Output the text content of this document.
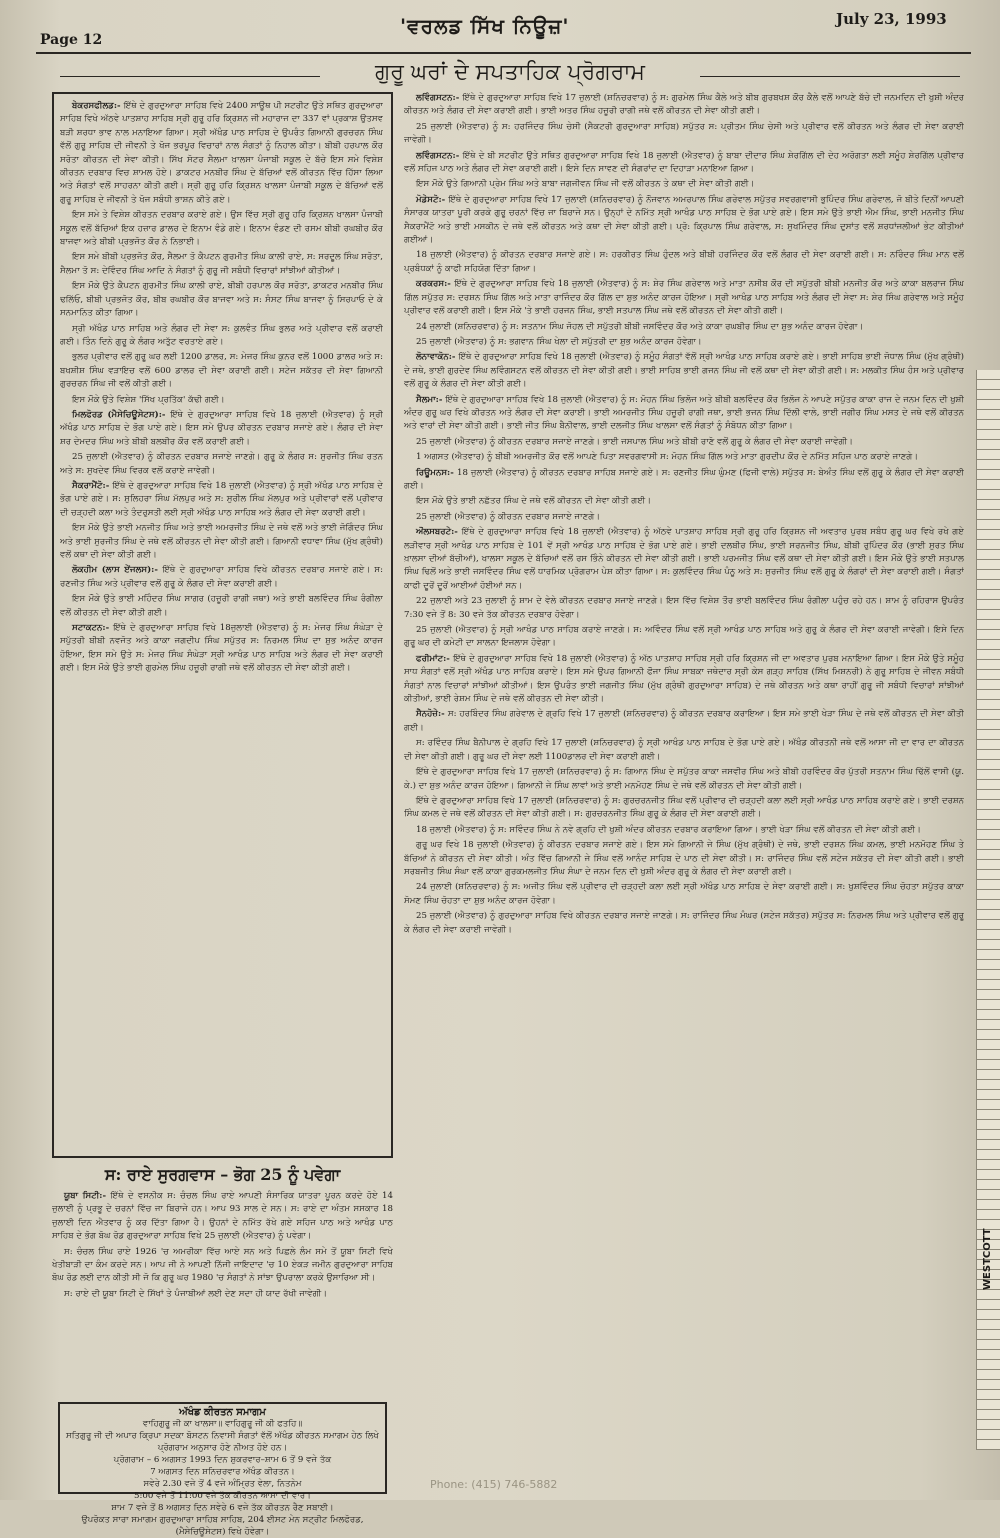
Page 12
'ਵਰਲਡ ਸਿੱਖ ਨਿਊਜ਼'	July 23, 1993
ਗੁਰੂ ਘਰਾਂ ਦੇ ਸਪਤਾਹਿਕ ਪ੍ਰੋਗਰਾਮ

ਬੇਕਰਸਫੀਲਡ:- ਇੱਥੇ ਦੇ ਗੁਰਦੁਆਰਾ ਸਾਹਿਬ ਵਿਖੇ 2400 ਸਾਊਥ ਪੀ ਸਟਰੀਟ ਉਤੇ ਸਥਿਤ ਗੁਰਦੁਆਰਾ ਸਾਹਿਬ ਵਿਖੇ ਅੱਠਵੇ ਪਾਤਸ਼ਾਹ ਸਾਹਿਬ ਸ੍ਰੀ ਗੁਰੂ ਹਰਿ ਕ੍ਰਿਸ਼ਨ ਜੀ ਮਹਾਰਾਜ ਦਾ 337 ਵਾਂ ਪ੍ਰਕਾਸ਼ ਉਤਸਵ ਬੜੀ ਸ਼ਰਧਾ ਭਾਵ ਨਾਲ ਮਨਾਇਆ ਗਿਆ। ਸ੍ਰੀ ਅੱਖੰਡ ਪਾਠ ਸਾਹਿਬ ਦੇ ਉਪਰੰਤ ਗਿਆਨੀ ਗੁਰਚਰਨ ਸਿੰਘ ਵੱਲੋਂ ਗੁਰੂ ਸਾਹਿਬ ਦੀ ਜੀਵਨੀ ਤੇ ਖੋਜ ਭਰਪੂਰ ਵਿਚਾਰਾਂ ਨਾਲ ਸੰਗਤਾਂ ਨੂੰ ਨਿਹਾਲ ਕੀਤਾ। ਬੀਬੀ ਹਰਪਾਲ ਕੌਰ ਸਰੋਤਾ ਕੀਰਤਨ ਦੀ ਸੇਵਾ ਕੀਤੀ। ਸਿੱਖ ਸੋਟਰ ਸੈਲਮਾ ਖ਼ਾਲਸਾ ਪੰਜਾਬੀ ਸਕੂਲ ਦੇ ਬੱਚੇ ਇਸ ਸਮੇ ਵਿਸ਼ੇਸ਼ ਕੀਰਤਨ ਦਰਬਾਰ ਵਿਚ ਸ਼ਾਮਲ ਹੋਏ। ਡਾਕਟਰ ਮਨਬੀਰ ਸਿੰਘ ਦੇ ਬੱਚਿਆਂ ਵਲੋਂ ਕੀਰਤਨ ਵਿੱਚ ਹਿੱਸਾ ਲਿਆ ਅਤੇ ਸੰਗਤਾਂ ਵਲੋਂ ਸਾਹਰਨਾ ਕੀਤੀ ਗਈ। ਸ੍ਰੀ ਗੁਰੂ ਹਰਿ ਕ੍ਰਿਸ਼ਨ ਖਾਲਸਾ ਪੰਜਾਬੀ ਸਕੂਲ ਦੇ ਬੱਚਿਆਂ ਵਲੋਂ ਗੁਰੂ ਸਾਹਿਬ ਦੇ ਜੀਵਨੀ ਤੇ ਖੋਜ ਸਬੰਧੀ ਭਾਸ਼ਨ ਕੀਤੇ ਗਏ।

ਇਸ ਸਮੇ ਤੇ ਵਿਸ਼ੇਸ਼ ਕੀਰਤਨ ਦਰਬਾਰ ਕਰਾਏ ਗਏ। ਉਸ ਵਿੱਚ ਸ੍ਰੀ ਗੁਰੂ ਹਰਿ ਕ੍ਰਿਸ਼ਨ ਖਾਲਸਾ ਪੰਜਾਬੀ ਸਕੂਲ ਵਲੋਂ ਬੱਚਿਆਂ ਇਕ ਹਜ਼ਾਰ ਡਾਲਰ ਦੇ ਇਨਾਮ ਵੰਡੇ ਗਏ। ਇਨਾਮ ਵੰਡਣ ਦੀ ਰਸਮ ਬੀਬੀ ਰਘਬੀਰ ਕੌਰ ਬਾਜਵਾ ਅਤੇ ਬੀਬੀ ਪ੍ਰਭਜੋਤ ਕੌਰ ਨੇ ਨਿਭਾਈ।

ਇਸ ਸਮੇ ਬੀਬੀ ਪ੍ਰਭਜੋਤ ਕੌਰ, ਸੈਲਮਾ ਤੋ ਕੈਪਟਨ ਗੁਰਮੀਤ ਸਿੰਘ ਕਾਲੀ ਰਾਏ, ਸ: ਸਰਦੂਲ ਸਿੰਘ ਸਰੋਤਾ, ਸੈਲਮਾ ਤੋ ਸ: ਦੇਵਿੰਦਰ ਸਿੰਘ ਆਦਿ ਨੇ ਸੰਗਤਾਂ ਨੂੰ ਗੁਰੂ ਜੀ ਸਬੰਧੀ ਵਿਚਾਰਾਂ ਸਾਂਝੀਆਂ ਕੀਤੀਆਂ।

ਇਸ ਮੌਕੇ ਉਤੇ ਕੈਪਟਨ ਗੁਰਮੀਤ ਸਿੰਘ ਕਾਲੀ ਰਾਏ, ਬੀਬੀ ਹਰਪਾਲ ਕੌਰ ਸਰੋਤਾ, ਡਾਕਟਰ ਮਨਬੀਰ ਸਿੰਘ ਢਲਿੱਓ, ਬੀਬੀ ਪ੍ਰਭਜੋਤ ਕੌਰ, ਬੀਬ ਰਘਬੀਰ ਕੌਰ ਬਾਜਵਾ ਅਤੇ ਸ: ਸੰਸਟ ਸਿੰਘ ਬਾਜਵਾ ਨੂੰ ਸਿਰਪਾਓ ਦੇ ਕੇ ਸਨਮਾਨਿਤ ਕੀਤਾ ਗਿਆ।

ਸ੍ਰੀ ਅੱਖੰਡ ਪਾਠ ਸਾਹਿਬ ਅਤੇ ਲੰਗਰ ਦੀ ਸੇਵਾ ਸ: ਕੁਲਵੰਤ ਸਿੰਘ ਭੁਲਰ ਅਤੇ ਪ੍ਰੀਵਾਰ ਵਲੋਂ ਕਰਾਈ ਗਈ। ਤਿੰਨ ਦਿਨੇ ਗੁਰੂ ਕੇ ਲੰਗਰ ਅਤੁੱਟ ਵਰਤਾਏ ਗਏ।

ਭੁਲਰ ਪ੍ਰੀਵਾਰ ਵਲੋਂ ਗੁਰੂ ਘਰ ਲਈ 1200 ਡਾਲਰ, ਸ: ਮੇਜਰ ਸਿੰਘ ਕੁਨਰ ਵਲੋਂ 1000 ਡਾਲਰ ਅਤੇ ਸ: ਬਖਸ਼ੀਸ਼ ਸਿੰਘ ਵੜਾਇਚ ਵਲੋਂ 600 ਡਾਲਰ ਦੀ ਸੇਵਾ ਕਰਾਈ ਗਈ। ਸਟੇਜ ਸਕੱਤਰ ਦੀ ਸੇਵਾ ਗਿਆਨੀ ਗੁਰਚਰਨ ਸਿੰਘ ਜੀ ਵਲੋਂ ਕੀਤੀ ਗਈ।

ਇਸ ਮੌਕੇ ਉਤੇ ਵਿਸ਼ੇਸ਼ 'ਸਿੱਖ ਪ੍ਰਤਿੱਕ' ਕੱਢੀ ਗਈ।

ਮਿਲਫੋਰਡ (ਮੈਸੇਚਿਊਸੇਟਸ):- ਇੱਥੇ ਦੇ ਗੁਰਦੁਆਰਾ ਸਾਹਿਬ ਵਿਖੇ 18 ਜੁਲਾਈ (ਐਤਵਾਰ) ਨੂੰ ਸ੍ਰੀ ਅੱਖੰਡ ਪਾਠ ਸਾਹਿਬ ਦੇ ਭੋਗ ਪਾਏ ਗਏ। ਇਸ ਸਮੇ ਉਪਰ ਕੀਰਤਨ ਦਰਬਾਰ ਸਜਾਏ ਗਏ। ਲੰਗਰ ਦੀ ਸੇਵਾ ਸ਼ਰ ਦੇਮਦਰ ਸਿੰਘ ਅਤੇ ਬੀਬੀ ਬਲਬੀਰ ਕੌਰ ਵਲੋਂ ਕਰਾਈ ਗਈ।

25 ਜੁਲਾਈ (ਐਤਵਾਰ) ਨੂੰ ਕੀਰਤਨ ਦਰਬਾਰ ਸਜਾਏ ਜਾਣਗੇ। ਗੁਰੂ ਕੇ ਲੰਗਰ ਸ: ਸੁਰਜੀਤ ਸਿੰਘ ਰਤਨ ਅਤੇ ਸ: ਸੁਖਦੇਵ ਸਿੰਘ ਵਿਰਕ ਵਲੋਂ ਕਰਾਏ ਜਾਵੇਗੀ।

ਸੈਕਰਾਮੈਂਟੋ:- ਇੱਥੇ ਦੇ ਗੁਰਦੁਆਰਾ ਸਾਹਿਬ ਵਿਖੇ 18 ਜੁਲਾਈ (ਐਤਵਾਰ) ਨੂੰ ਸ੍ਰੀ ਅੱਖੰਡ ਪਾਠ ਸਾਹਿਬ ਦੇ ਭੋਗ ਪਾਏ ਗਏ। ਸ: ਸੁਲਿਹਰਾ ਸਿੰਘ ਮੱਲਪੁਰ ਅਤੇ ਸ: ਸੁਰੀਲ ਸਿੰਘ ਮੱਲਪੁਰ ਅਤੇ ਪ੍ਰੀਵਾਰਾਂ ਵਲੋਂ ਪ੍ਰੀਵਾਰ ਦੀ ਚੜ੍ਹਦੀ ਕਲਾ ਅਤੇ ਤੰਦਰੁਸਤੀ ਲਈ ਸ੍ਰੀ ਅੱਖੰਡ ਪਾਠ ਸਾਹਿਬ ਅਤੇ ਲੰਗਰ ਦੀ ਸੇਵਾ ਕਰਾਈ ਗਈ।

ਇਸ ਮੌਕੇ ਉਤੇ ਭਾਈ ਮਨਜੀਤ ਸਿੰਘ ਅਤੇ ਭਾਈ ਅਮਰਜੀਤ ਸਿੰਘ ਦੇ ਜਥੇ ਵਲੋਂ ਅਤੇ ਭਾਈ ਜੋਗਿੰਦਰ ਸਿੰਘ ਅਤੇ ਭਾਈ ਸੁਰਜੀਤ ਸਿੰਘ ਦੇ ਜਥੇ ਵਲੋਂ ਕੀਰਤਨ ਦੀ ਸੇਵਾ ਕੀਤੀ ਗਈ। ਗਿਆਨੀ ਵਧਾਵਾ ਸਿੰਘ (ਮੁੱਖ ਗ੍ਰੰਥੀ) ਵਲੋਂ ਕਥਾ ਦੀ ਸੇਵਾ ਕੀਤੀ ਗਈ।

ਲੋਕਹੀਮ (ਲਾਸ ਏਂਜਲਸ):- ਇੱਥੇ ਦੇ ਗੁਰਦੁਆਰਾ ਸਾਹਿਬ ਵਿਖੇ ਕੀਰਤਨ ਦਰਬਾਰ ਸਜਾਏ ਗਏ। ਸ: ਰਣਜੀਤ ਸਿੰਘ ਅਤੇ ਪ੍ਰੀਵਾਰ ਵਲੋਂ ਗੁਰੂ ਕੇ ਲੰਗਰ ਦੀ ਸੇਵਾ ਕਰਾਈ ਗਈ।

ਇਸ ਮੌਕੇ ਉਤੇ ਭਾਈ ਮਹਿੰਦਰ ਸਿੰਘ ਸਾਗਰ (ਹਜ਼ੂਰੀ ਰਾਗੀ ਜਥਾ) ਅਤੇ ਭਾਈ ਬਲਵਿੰਦਰ ਸਿੰਘ ਰੰਗੀਲਾ ਵਲੋਂ ਕੀਰਤਨ ਦੀ ਸੇਵਾ ਕੀਤੀ ਗਈ।

ਸਟਾਕਟਨ:- ਇੱਥੇ ਦੇ ਗੁਰਦੁਆਰਾ ਸਾਹਿਬ ਵਿਖੇ 18ਜੁਲਾਈ (ਐਤਵਾਰ) ਨੂੰ ਸ: ਮੇਜਰ ਸਿੰਘ ਸੰਘੇੜਾ ਦੇ ਸਪੁੱਤਰੀ ਬੀਬੀ ਨਵਜੋਤ ਅਤੇ ਕਾਕਾ ਜਗਦੀਪ ਸਿੰਘ ਸਪੁੱਤਰ ਸ: ਨਿਰਮਲ ਸਿੰਘ ਦਾ ਸ਼ੁਭ ਅਨੰਦ ਕਾਰਜ ਹੋਇਆ, ਇਸ ਸਮੇ ਉਤੇ ਸ: ਮੇਜਰ ਸਿੰਘ ਸੰਘੇੜਾ ਸ੍ਰੀ ਆਖੰਡ ਪਾਠ ਸਾਹਿਬ ਅਤੇ ਲੰਗਰ ਦੀ ਸੇਵਾ ਕਰਾਈ ਗਈ। ਇਸ ਮੌਕੇ ਉਤੇ ਭਾਈ ਗੁਰਮੇਲ ਸਿੰਘ ਹਜ਼ੂਰੀ ਰਾਗੀ ਜਥੇ ਵਲੋਂ ਕੀਰਤਨ ਦੀ ਸੇਵਾ ਕੀਤੀ ਗਈ।

ਸ: ਰਾਏ ਸੁਰਗਵਾਸ – ਭੋਗ 25 ਨੂੰ ਪਵੇਗਾ

ਯੂਬਾ ਸਿਟੀ:- ਇੱਥੇ ਦੇ ਵਸਨੀਕ ਸ: ਚੰਚਲ ਸਿੰਘ ਰਾਏ ਆਪਣੀ ਸੰਸਾਰਿਕ ਯਾਤਰਾ ਪੂਰਨ ਕਰਦੇ ਹੋਏ 14 ਜੁਲਾਈ ਨੂੰ ਪ੍ਰਭੂ ਦੇ ਚਰਨਾਂ ਵਿੱਚ ਜਾ ਬਿਰਾਜੇ ਹਨ। ਆਪ 93 ਸਾਲ ਦੇ ਸਨ। ਸ: ਰਾਏ ਦਾ ਅੰਤਮ ਸਸਕਾਰ 18 ਜੁਲਾਈ ਦਿਨ ਐਤਵਾਰ ਨੂੰ ਕਰ ਦਿੱਤਾ ਗਿਆ ਹੈ। ਉਹਨਾਂ ਦੇ ਨਮਿੱਤ ਰੱਖੇ ਗਏ ਸਹਿਜ ਪਾਠ ਅਤੇ ਆਖੰਡ ਪਾਠ ਸਾਹਿਬ ਦੇ ਭੋਗ ਬੋਘ ਰੋਡ ਗੁਰਦੁਆਰਾ ਸਾਹਿਬ ਵਿਖੇ 25 ਜੁਲਾਈ (ਐਤਵਾਰ) ਨੂੰ ਪਵੇਗਾ।

ਸ: ਚੰਚਲ ਸਿੰਘ ਰਾਏ 1926 'ਚ ਅਮਰੀਕਾ ਵਿੱਚ ਆਏ ਸਨ ਅਤੇ ਪਿਛਲੇ ਲੰਮ ਸਮੇ ਤੋਂ ਯੂਬਾ ਸਿਟੀ ਵਿਖੇ ਖੇਤੀਬਾੜੀ ਦਾ ਕੰਮ ਕਰਦੇ ਸਨ। ਆਪ ਜੀ ਨੇ ਆਪਣੀ ਨਿੱਜੀ ਜਾਇਦਾਦ 'ਚ 10 ਏਕੜ ਜਮੀਨ ਗੁਰਦੁਆਰਾ ਸਾਹਿਬ ਬੋਘ ਰੋਡ ਲਈ ਦਾਨ ਕੀਤੀ ਸੀ ਜੋ ਕਿ ਗੁਰੂ ਘਰ 1980 'ਚ ਸੰਗਤਾਂ ਨੇ ਸਾਂਝਾ ਉਪਰਾਲਾ ਕਰਕੇ ਉਸਾਰਿਆ ਸੀ।

ਸ: ਰਾਏ ਦੀ ਯੂਬਾ ਸਿਟੀ ਦੇ ਸਿੱਖਾਂ ਤੇ ਪੰਜਾਬੀਆਂ ਲਈ ਦੇਣ ਸਦਾ ਹੀ ਯਾਦ ਰੱਖੀ ਜਾਵੇਗੀ।

ਅੱਖੰਡ ਕੀਰਤਨ ਸਮਾਗਮ
ਵਾਹਿਗੁਰੂ ਜੀ ਕਾ ਖਾਲਸਾ॥ ਵਾਹਿਗੁਰੂ ਜੀ ਕੀ ਫਤਹਿ॥
ਸਤਿਗੁਰੂ ਜੀ ਦੀ ਅਪਾਰ ਕ੍ਰਿਪਾ ਸਦਕਾ ਬੋਸਟਨ ਨਿਵਾਸੀ ਸੰਗਤਾਂ ਵੱਲੋਂ ਅੱਖੰਡ ਕੀਰਤਨ ਸਮਾਗਮ ਹੇਠ ਲਿਖੇ ਪ੍ਰੋਗਰਾਮ ਅਨੁਸਾਰ ਹੋਣੇ ਨੀਅਤ ਹੋਏ ਹਨ।
ਪ੍ਰੋਗਰਾਮ – 6 ਅਗਸਤ 1993 ਦਿਨ ਸ਼ੁਕਰਵਾਰ–ਸ਼ਾਮ 6 ਤੋਂ 9 ਵਜੇ ਤੱਕ
7 ਅਗਸਤ ਦਿਨ ਸ਼ਨਿਚਰਵਾਰ ਅੱਖੰਡ ਕੀਰਤਨ।
ਸਵੇਰੇ 2.30 ਵਜੇ ਤੋਂ 4 ਵਜੇ ਅੰਮ੍ਰਿਤ ਵੇਲਾ, ਨਿਤਨੇਮ
5:00 ਵਜੇ ਤੋਂ 11:00 ਵਜੇ ਤੱਕ ਕੀਰਤਨ ਆਸਾ ਦੀ ਵਾਰ।
ਸ਼ਾਮ 7 ਵਜੇ ਤੋਂ 8 ਅਗਸਤ ਦਿਨ ਸਵੇਰੇ 6 ਵਜੇ ਤੱਕ ਕੀਰਤਨ ਰੈਣ ਸਬਾਈ।
ਉਪਰੋਕਤ ਸਾਰਾ ਸਮਾਗਮ ਗੁਰਦੁਆਰਾ ਸਾਹਿਬ ਸਾਹਿਬ, 204 ਈਸਟ ਮੇਨ ਸਟ੍ਰੀਟ ਮਿਲਫੋਰਡ, (ਮੈਸੇਚਿਊਸੇਟਸ) ਵਿਖੇ ਹੋਵੇਗਾ।

ਲਵਿੰਗਸਟਨ:- ਇੱਥੇ ਦੇ ਗੁਰਦੁਆਰਾ ਸਾਹਿਬ ਵਿਖੇ 17 ਜੁਲਾਈ (ਸ਼ਨਿਚਰਵਾਰ) ਨੂੰ ਸ: ਗੁਰਮੇਲ ਸਿੰਘ ਕੈਲੇ ਅਤੇ ਬੀਬ ਗੁਰਬਖਸ਼ ਕੌਰ ਕੈਲੇ ਵਲੋਂ ਆਪਣੇ ਬੱਚੇ ਦੀ ਜਨਮਦਿਨ ਦੀ ਖੁਸ਼ੀ ਅੰਦਰ ਕੀਰਤਨ ਅਤੇ ਲੰਗਰ ਦੀ ਸੇਵਾ ਕਰਾਈ ਗਈ। ਭਾਈ ਅਤਰ ਸਿੰਘ ਹਜ਼ੂਰੀ ਰਾਗੀ ਜਥੇ ਵਲੋਂ ਕੀਰਤਨ ਦੀ ਸੇਵਾ ਕੀਤੀ ਗਈ।

25 ਜੁਲਾਈ (ਐਤਵਾਰ) ਨੂੰ ਸ: ਹਰਜਿੰਦਰ ਸਿੰਘ ਚੇਸੀ (ਸੈਕਟਰੀ ਗੁਰਦੁਆਰਾ ਸਾਹਿਬ) ਸਪੁੱਤਰ ਸ: ਪ੍ਰੀਤਮ ਸਿੰਘ ਚੇਸੀ ਅਤੇ ਪ੍ਰੀਵਾਰ ਵਲੋਂ ਕੀਰਤਨ ਅਤੇ ਲੰਗਰ ਦੀ ਸੇਵਾ ਕਰਾਈ ਜਾਵੇਗੀ।

ਲਵਿੰਗਸਟਨ:- ਇੱਥੇ ਦੇ ਬੀ ਸਟਰੀਟ ਉਤੇ ਸਥਿਤ ਗੁਰਦੁਆਰਾ ਸਾਹਿਬ ਵਿਖੇ 18 ਜੁਲਾਈ (ਐਤਵਾਰ) ਨੂੰ ਬਾਬਾ ਦੀਦਾਰ ਸਿੰਘ ਸ਼ੇਰਗਿੱਲ ਦੀ ਦੇਹ ਅਰੋਗਤਾ ਲਈ ਸਮੂੰਹ ਸ਼ੇਰਗਿੱਲ ਪ੍ਰੀਵਾਰ ਵਲੋਂ ਸਹਿਜ ਪਾਠ ਅਤੇ ਲੰਗਰ ਦੀ ਸੇਵਾ ਕਰਾਈ ਗਈ। ਇਸੇ ਦਿਨ ਸਾਵਣ ਦੀ ਸੰਗਰਾਂਦ ਦਾ ਦਿਹਾੜਾ ਮਨਾਇਆ ਗਿਆ।

ਇਸ ਮੌਕੇ ਉਤੇ ਗਿਆਨੀ ਪ੍ਰੇਮ ਸਿੰਘ ਅਤੇ ਬਾਬਾ ਜਗਜੀਵਨ ਸਿੰਘ ਜੀ ਵਲੋਂ ਕੀਰਤਨ ਤੇ ਕਥਾ ਦੀ ਸੇਵਾ ਕੀਤੀ ਗਈ।

ਮੋਡੇਸਟੋ:- ਇੱਥੇ ਦੇ ਗੁਰਦੁਆਰਾ ਸਾਹਿਬ ਵਿਖੇ 17 ਜੁਲਾਈ (ਸ਼ਨਿਚਰਵਾਰ) ਨੂੰ ਨੌਜਵਾਨ ਅਮਰਪਾਲ ਸਿੰਘ ਗਰੇਵਾਲ ਸਪੁੱਤਰ ਸਵਰਗਵਾਸੀ ਭੁਪਿੰਦਰ ਸਿੰਘ ਗਰੇਵਾਲ, ਜੋ ਬੀਤੇ ਦਿਨੀਂ ਆਪਣੀ ਸੰਸਾਰਕ ਯਾਤਰਾ ਪੂਰੀ ਕਰਕੇ ਗੁਰੂ ਚਰਨਾਂ ਵਿੱਚ ਜਾ ਬਿਰਾਜੇ ਸਨ। ਉਨ੍ਹਾਂ ਦੇ ਨਮਿੱਤ ਸ੍ਰੀ ਆਖੰਡ ਪਾਠ ਸਾਹਿਬ ਦੇ ਭੋਗ ਪਾਏ ਗਏ। ਇਸ ਸਮੇ ਉਤੇ ਭਾਈ ਐਮ ਸਿੰਘ, ਭਾਈ ਮਨਜੀਤ ਸਿੰਘ ਸੈਕਰਾਮੈਂਟੋ ਅਤੇ ਭਾਈ ਮਸਕੀਨ ਦੇ ਜਥੇ ਵਲੋਂ ਕੀਰਤਨ ਅਤੇ ਕਥਾ ਦੀ ਸੇਵਾ ਕੀਤੀ ਗਈ। ਪ੍ਰੋ: ਕ੍ਰਿਪਾਲ ਸਿੰਘ ਗਰੇਵਾਲ, ਸ: ਸੁਖਮਿੰਦਰ ਸਿੰਘ ਦੁਸਾਂਤ ਵਲੋਂ ਸ਼ਰਧਾਂਜਲੀਆਂ ਭੇਟ ਕੀਤੀਆਂ ਗਈਆਂ।

18 ਜੁਲਾਈ (ਐਤਵਾਰ) ਨੂੰ ਕੀਰਤਨ ਦਰਬਾਰ ਸਜਾਏ ਗਏ। ਸ: ਹਰਕੀਰਤ ਸਿੰਘ ਹੁੰਦਲ ਅਤੇ ਬੀਬੀ ਹਰਜਿੰਦਰ ਕੌਰ ਵਲੋਂ ਲੰਗਰ ਦੀ ਸੇਵਾ ਕਰਾਈ ਗਈ। ਸ: ਨਰਿੰਦਰ ਸਿੰਘ ਮਾਨ ਵਲੋਂ ਪ੍ਰਬੰਧਕਾਂ ਨੂੰ ਕਾਫੀ ਸਹਿਯੋਗ ਦਿੱਤਾ ਗਿਆ।

ਕਰਕਰਸ:- ਇੱਥੇ ਦੇ ਗੁਰਦੁਆਰਾ ਸਾਹਿਬ ਵਿਖੇ 18 ਜੁਲਾਈ (ਐਤਵਾਰ) ਨੂੰ ਸ: ਸ਼ੇਰ ਸਿੰਘ ਗਰੇਵਾਲ ਅਤੇ ਮਾਤਾ ਨਸੀਬ ਕੌਰ ਦੀ ਸਪੁੱਤਰੀ ਬੀਬੀ ਮਨਜੀਤ ਕੌਰ ਅਤੇ ਕਾਕਾ ਬਲਰਾਜ ਸਿੰਘ ਗਿੱਲ ਸਪੁੱਤਰ ਸ: ਦਰਸ਼ਨ ਸਿੰਘ ਗਿੱਲ ਅਤੇ ਮਾਤਾ ਰਾਜਿੰਦਰ ਕੌਰ ਗਿੱਲ ਦਾ ਸ਼ੁਭ ਅਨੰਦ ਕਾਰਜ ਹੋਇਆ। ਸ੍ਰੀ ਆਖੰਡ ਪਾਠ ਸਾਹਿਬ ਅਤੇ ਲੰਗਰ ਦੀ ਸੇਵਾ ਸ: ਸ਼ੇਰ ਸਿੰਘ ਗਰੇਵਾਲ ਅਤੇ ਸਮੂੰਹ ਪ੍ਰੀਵਾਰ ਵਲੋਂ ਕਰਾਈ ਗਈ। ਇਸ ਮੌਕੇ 'ਤੇ ਭਾਈ ਹਰਜਨ ਸਿੰਘ, ਭਾਈ ਸਤਪਾਲ ਸਿੰਘ ਜਥੇ ਵਲੋਂ ਕੀਰਤਨ ਦੀ ਸੇਵਾ ਕੀਤੀ ਗਈ।

24 ਜੁਲਾਈ (ਸ਼ਨਿਚਰਵਾਰ) ਨੂੰ ਸ: ਸਤਨਾਮ ਸਿੰਘ ਜੋਹਲ ਦੀ ਸਪੁੱਤਰੀ ਬੀਬੀ ਜਸਵਿੰਦਰ ਕੌਰ ਅਤੇ ਕਾਕਾ ਰਘਬੀਰ ਸਿੰਘ ਦਾ ਸ਼ੁਭ ਅਨੰਦ ਕਾਰਜ ਹੋਵੇਗਾ।

25 ਜੁਲਾਈ (ਐਤਵਾਰ) ਨੂੰ ਸ: ਭਗਵਾਨ ਸਿੰਘ ਖੇਲਾ ਦੀ ਸਪੁੱਤਰੀ ਦਾ ਸ਼ੁਭ ਅਨੰਦ ਕਾਰਜ ਹੋਵੇਗਾ।

ਲੋਨਾਵਾਕੋਨ:- ਇੱਥੇ ਦੇ ਗੁਰਦੁਆਰਾ ਸਾਹਿਬ ਵਿਖੇ 18 ਜੁਲਾਈ (ਐਤਵਾਰ) ਨੂੰ ਸਮੂੰਹ ਸੰਗਤਾਂ ਵੱਲੋਂ ਸ੍ਰੀ ਆਖੰਡ ਪਾਠ ਸਾਹਿਬ ਕਰਾਏ ਗਏ। ਭਾਈ ਸਾਹਿਬ ਭਾਈ ਜੋਧਾਲ ਸਿੰਘ (ਮੁੱਖ ਗ੍ਰੰਥੀ) ਦੇ ਜਥੇ, ਭਾਈ ਗੁਰਦੇਵ ਸਿੰਘ ਲਵਿੰਗਸਟਨ ਵਲੋਂ ਕੀਰਤਨ ਦੀ ਸੇਵਾ ਕੀਤੀ ਗਈ। ਭਾਈ ਸਾਹਿਬ ਭਾਈ ਗਜਨ ਸਿੰਘ ਜੀ ਵਲੋਂ ਕਥਾ ਦੀ ਸੇਵਾ ਕੀਤੀ ਗਈ। ਸ: ਮਲਕੀਤ ਸਿੰਘ ਹੰਸ ਅਤੇ ਪ੍ਰੀਵਾਰ ਵਲੋਂ ਗੁਰੂ ਕੇ ਲੰਗਰ ਦੀ ਸੇਵਾ ਕੀਤੀ ਗਈ।

ਸੈਲਮਾ:- ਇੱਥੇ ਦੇ ਗੁਰਦੁਆਰਾ ਸਾਹਿਬ ਵਿਖੇ 18 ਜੁਲਾਈ (ਐਤਵਾਰ) ਨੂੰ ਸ: ਮੋਹਨ ਸਿੰਘ ਭਿਲੋਜ ਅਤੇ ਬੀਬੀ ਬਲਵਿੰਦਰ ਕੌਰ ਭਿਲੋਜ ਨੇ ਆਪਣੇ ਸਪੁੱਤਰ ਕਾਕਾ ਰਾਜ ਦੇ ਜਨਮ ਦਿਨ ਦੀ ਖੁਸ਼ੀ ਅੰਦਰ ਗੁਰੂ ਘਰ ਵਿਖੇ ਕੀਰਤਨ ਅਤੇ ਲੰਗਰ ਦੀ ਸੇਵਾ ਕਰਾਈ। ਭਾਈ ਅਮਰਜੀਤ ਸਿੰਘ ਹਜ਼ੂਰੀ ਰਾਗੀ ਜਥਾ, ਭਾਈ ਭਜਨ ਸਿੰਘ ਦਿੱਲੀ ਵਾਲੇ, ਭਾਈ ਜਗੀਰ ਸਿੰਘ ਮਸਤ ਦੇ ਜਥੇ ਵਲੋਂ ਕੀਰਤਨ ਅਤੇ ਵਾਰਾਂ ਦੀ ਸੇਵਾ ਕੀਤੀ ਗਈ। ਭਾਈ ਜੀਤ ਸਿੰਘ ਬੈਨੀਵਾਲ, ਭਾਈ ਦਲਜੀਤ ਸਿੰਘ ਖਾਲਸਾ ਵਲੋਂ ਸੰਗਤਾਂ ਨੂੰ ਸੰਬੋਧਨ ਕੀਤਾ ਗਿਆ।

25 ਜੁਲਾਈ (ਐਤਵਾਰ) ਨੂੰ ਕੀਰਤਨ ਦਰਬਾਰ ਸਜਾਏ ਜਾਣਗੇ। ਭਾਈ ਜਸਪਾਲ ਸਿੰਘ ਅਤੇ ਬੀਬੀ ਰਾਣੋ ਵਲੋਂ ਗੁਰੂ ਕੇ ਲੰਗਰ ਦੀ ਸੇਵਾ ਕਰਾਈ ਜਾਵੇਗੀ।

1 ਅਗਸਤ (ਐਤਵਾਰ) ਨੂੰ ਬੀਬੀ ਅਮਰਜੀਤ ਕੌਰ ਵਲੋਂ ਆਪਣੇ ਪਿਤਾ ਸਵਰਗਵਾਸੀ ਸ: ਮੋਹਨ ਸਿੰਘ ਗਿੱਲ ਅਤੇ ਮਾਤਾ ਗੁਰਦੀਪ ਕੌਰ ਦੇ ਨਮਿੱਤ ਸਹਿਜ ਪਾਠ ਕਰਾਏ ਜਾਣਗੇ।

ਰਿਊਮਨਸ:- 18 ਜੁਲਾਈ (ਐਤਵਾਰ) ਨੂੰ ਕੀਰਤਨ ਦਰਬਾਰ ਸਾਹਿਬ ਸਜਾਏ ਗਏ। ਸ: ਰਣਜੀਤ ਸਿੰਘ ਘੁੰਮਣ (ਫਿਜੀ ਵਾਲੇ) ਸਪੁੱਤਰ ਸ: ਬੇਅੰਤ ਸਿੰਘ ਵਲੋਂ ਗੁਰੂ ਕੇ ਲੰਗਰ ਦੀ ਸੇਵਾ ਕਰਾਈ ਗਈ।

ਇਸ ਮੌਕੇ ਉਤੇ ਭਾਈ ਨਛੱਤਰ ਸਿੰਘ ਦੇ ਜਥੇ ਵਲੋਂ ਕੀਰਤਨ ਦੀ ਸੇਵਾ ਕੀਤੀ ਗਈ।

25 ਜੁਲਾਈ (ਐਤਵਾਰ) ਨੂੰ ਕੀਰਤਨ ਦਰਬਾਰ ਸਜਾਏ ਜਾਣਗੇ।

ਔਲਸਬਰਟੇ:- ਇੱਥੇ ਦੇ ਗੁਰਦੁਆਰਾ ਸਾਹਿਬ ਵਿਖੇ 18 ਜੁਲਾਈ (ਐਤਵਾਰ) ਨੂੰ ਅੱਠਵੇ ਪਾਤਸ਼ਾਹ ਸਾਹਿਬ ਸ੍ਰੀ ਗੁਰੂ ਹਰਿ ਕ੍ਰਿਸ਼ਨ ਜੀ ਅਵਤਾਰ ਪੁਰਬ ਸਬੰਧ ਗੁਰੂ ਘਰ ਵਿਖੇ ਰਖੇ ਗਏ ਲੜੀਵਾਰ ਸ੍ਰੀ ਆਖੰਡ ਪਾਠ ਸਾਹਿਬ ਦੇ 101 ਵੇਂ ਸ੍ਰੀ ਆਖੰਡ ਪਾਠ ਸਾਹਿਬ ਦੇ ਭੋਗ ਪਾਏ ਗਏ। ਭਾਈ ਦਲਬੀਰ ਸਿੰਘ, ਭਾਈ ਸਰਨਜੀਤ ਸਿੰਘ, ਬੀਬੀ ਰੁਪਿੰਦਰ ਕੌਰ (ਭਾਈ ਸੁਰਤ ਸਿੰਘ ਖ਼ਾਲਸਾ ਦੀਆਂ ਬੱਚੀਆਂ), ਖਾਲਸਾ ਸਕੂਲ ਦੇ ਬੱਚਿਆਂ ਵਲੋਂ ਰਸ ਭਿੰਨੇ ਕੀਰਤਨ ਦੀ ਸੇਵਾ ਕੀਤੀ ਗਈ। ਭਾਈ ਪਰਮਜੀਤ ਸਿੰਘ ਵਲੋਂ ਕਥਾ ਦੀ ਸੇਵਾ ਕੀਤੀ ਗਈ। ਇਸ ਮੌਕੇ ਉਤੇ ਭਾਈ ਸਤਪਾਲ ਸਿੰਘ ਢਿਲੋਂ ਅਤੇ ਭਾਈ ਜਸਵਿੰਦਰ ਸਿੰਘ ਵਲੋਂ ਧਾਰਮਿਕ ਪ੍ਰੋਗਰਾਮ ਪੇਸ਼ ਕੀਤਾ ਗਿਆ। ਸ: ਕੁਲਵਿੰਦਰ ਸਿੰਘ ਪੰਨੂ ਅਤੇ ਸ: ਸੁਰਜੀਤ ਸਿੰਘ ਵਲੋਂ ਗੁਰੂ ਕੇ ਲੰਗਰਾਂ ਦੀ ਸੇਵਾ ਕਰਾਈ ਗਈ। ਸੰਗਤਾਂ ਕਾਫੀ ਦੂਰੋਂ ਦੂਰੋਂ ਆਈਆਂ ਹੋਈਆਂ ਸਨ।

22 ਜੁਲਾਈ ਅਤੇ 23 ਜੁਲਾਈ ਨੂੰ ਸ਼ਾਮ ਦੇ ਵੇਲੇ ਕੀਰਤਨ ਦਰਬਾਰ ਸਜਾਏ ਜਾਣਗੇ। ਇਸ ਵਿੱਚ ਵਿਸ਼ੇਸ਼ ਤੌਰ ਭਾਈ ਬਲਵਿੰਦਰ ਸਿੰਘ ਰੰਗੀਲਾ ਪਹੁੰਚ ਰਹੇ ਹਨ। ਸ਼ਾਮ ਨੂੰ ਰਹਿਰਾਸ ਉਪਰੰਤ 7:30 ਵਜੇ ਤੋਂ 8: 30 ਵਜੇ ਤੱਕ ਕੀਰਤਨ ਦਰਬਾਰ ਹੋਵੇਗਾ।

25 ਜੁਲਾਈ (ਐਤਵਾਰ) ਨੂੰ ਸ੍ਰੀ ਆਖੰਡ ਪਾਠ ਸਾਹਿਬ ਕਰਾਏ ਜਾਣਗੇ। ਸ: ਅਵਿੰਦਰ ਸਿੰਘ ਵਲੋਂ ਸ੍ਰੀ ਆਖੰਡ ਪਾਠ ਸਾਹਿਬ ਅਤੇ ਗੁਰੂ ਕੇ ਲੰਗਰ ਦੀ ਸੇਵਾ ਕਰਾਈ ਜਾਵੇਗੀ। ਇਸੇ ਦਿਨ ਗੁਰੂ ਘਰ ਦੀ ਕਮੇਟੀ ਦਾ ਸਾਲਨਾ ਇਜਲਾਸ ਹੋਵੇਗਾ।

ਫਰੀਮਾਂਟ:- ਇੱਥੇ ਦੇ ਗੁਰਦੁਆਰਾ ਸਾਹਿਬ ਵਿਖੇ 18 ਜੁਲਾਈ (ਐਤਵਾਰ) ਨੂੰ ਅੱਠ ਪਾਤਸ਼ਾਹ ਸਾਹਿਬ ਸ੍ਰੀ ਹਰਿ ਕ੍ਰਿਸ਼ਨ ਜੀ ਦਾ ਅਵਤਾਰ ਪੁਰਬ ਮਨਾਇਆ ਗਿਆ। ਇਸ ਮੌਕੇ ਉਤੇ ਸਮੂੰਹ ਸਾਧ ਸੰਗਤਾਂ ਵਲੋਂ ਸ੍ਰੀ ਅੱਖੰਡ ਪਾਠ ਸਾਹਿਬ ਕਰਾਏ। ਇਸ ਸਮੇ ਉਪਰ ਗਿਆਨੀ ਫੌਜਾ ਸਿੰਘ ਸਾਬਕਾ ਜਥੇਦਾਰ ਸ੍ਰੀ ਕੇਸ ਗੜ੍ਹ ਸਾਹਿਬ (ਸਿੱਖ ਮਿਸ਼ਨਰੀ) ਨੇ ਗੁਰੂ ਸਾਹਿਬ ਦੇ ਜੀਵਨ ਸਬੰਧੀ ਸੰਗਤਾਂ ਨਾਲ ਵਿਚਾਰਾਂ ਸਾਂਝੀਆਂ ਕੀਤੀਆਂ। ਇਸ ਉਪਰੰਤ ਭਾਈ ਜਗਜੀਤ ਸਿੰਘ (ਮੁੱਖ ਗ੍ਰੰਥੀ ਗੁਰਦੁਆਰਾ ਸਾਹਿਬ) ਦੇ ਜਥੇ ਕੀਰਤਨ ਅਤੇ ਕਥਾ ਰਾਹੀਂ ਗੁਰੂ ਜੀ ਸਬੰਧੀ ਵਿਚਾਰਾਂ ਸਾਂਝੀਆਂ ਕੀਤੀਆਂ, ਭਾਈ ਰੇਸ਼ਮ ਸਿੰਘ ਦੇ ਜਥੇ ਵਲੋਂ ਕੀਰਤਨ ਦੀ ਸੇਵਾ ਕੀਤੀ।

ਸੈਨਹੋਜ਼ੇ:- ਸ: ਹਰਬਿੰਦਰ ਸਿੰਘ ਗਰੇਵਾਲ ਦੇ ਗ੍ਰਹਿ ਵਿਖੇ 17 ਜੁਲਾਈ (ਸ਼ਨਿਚਰਵਾਰ) ਨੂੰ ਕੀਰਤਨ ਦਰਬਾਰ ਕਰਾਇਆ। ਇਸ ਸਮੇ ਭਾਈ ਖੇੜਾ ਸਿੰਘ ਦੇ ਜਥੇ ਵਲੋਂ ਕੀਰਤਨ ਦੀ ਸੇਵਾ ਕੀਤੀ ਗਈ।

ਸ: ਰਵਿੰਦਰ ਸਿੰਘ ਬੈਨੀਪਾਲ ਦੇ ਗ੍ਰਹਿ ਵਿਖੇ 17 ਜੁਲਾਈ (ਸ਼ਨਿਚਰਵਾਰ) ਨੂੰ ਸ੍ਰੀ ਆਖੰਡ ਪਾਠ ਸਾਹਿਬ ਦੇ ਭੋਗ ਪਾਏ ਗਏ। ਅੱਖੰਡ ਕੀਰਤਨੀ ਜਥੇ ਵਲੋਂ ਆਸਾ ਜੀ ਦਾ ਵਾਰ ਦਾ ਕੀਰਤਨ ਦੀ ਸੇਵਾ ਕੀਤੀ ਗਈ। ਗੁਰੂ ਘਰ ਦੀ ਸੇਵਾ ਲਈ 1100ਡਾਲਰ ਦੀ ਸੇਵਾ ਕਰਾਈ ਗਈ।

ਇੱਥੇ ਦੇ ਗੁਰਦੁਆਰਾ ਸਾਹਿਬ ਵਿਖੇ 17 ਜੁਲਾਈ (ਸ਼ਨਿਚਰਵਾਰ) ਨੂੰ ਸ: ਗਿਆਨ ਸਿੰਘ ਦੇ ਸਪੁੱਤਰ ਕਾਕਾ ਜਸਵੀਰ ਸਿੰਘ ਅਤੇ ਬੀਬੀ ਹਰਵਿੰਦਰ ਕੌਰ ਪੁੱਤਰੀ ਸਤਨਾਮ ਸਿੰਘ ਢਿੱਲੋਂ ਵਾਸੀ (ਯੂ. ਕੇ.) ਦਾ ਸ਼ੁਭ ਅਨੰਦ ਕਾਰਜ ਹੋਇਆ। ਗਿਆਨੀ ਜੇ ਸਿੰਘ ਲਾਵਾਂ ਅਤੇ ਭਾਈ ਮਨਮੋਹਣ ਸਿੰਘ ਦੇ ਜਥੇ ਵਲੋਂ ਕੀਰਤਨ ਦੀ ਸੇਵਾ ਕੀਤੀ ਗਈ।

ਇੱਥੇ ਦੇ ਗੁਰਦੁਆਰਾ ਸਾਹਿਬ ਵਿਖੇ 17 ਜੁਲਾਈ (ਸ਼ਨਿਚਰਵਾਰ) ਨੂੰ ਸ: ਗੁਰਚਰਨਜੀਤ ਸਿੰਘ ਵਲੋਂ ਪ੍ਰੀਵਾਰ ਦੀ ਚੜ੍ਹਦੀ ਕਲਾ ਲਈ ਸ੍ਰੀ ਆਖੰਡ ਪਾਠ ਸਾਹਿਬ ਕਰਾਏ ਗਏ। ਭਾਈ ਦਰਸ਼ਨ ਸਿੰਘ ਕਮਲ ਦੇ ਜਥੇ ਵਲੋਂ ਕੀਰਤਨ ਦੀ ਸੇਵਾ ਕੀਤੀ ਗਈ। ਸ: ਗੁਰਚਰਨਜੀਤ ਸਿੰਘ ਗੁਰੂ ਕੇ ਲੰਗਰ ਦੀ ਸੇਵਾ ਕਰਾਈ ਗਈ।

18 ਜੁਲਾਈ (ਐਤਵਾਰ) ਨੂੰ ਸ: ਸਵਿੰਦਰ ਸਿੰਘ ਨੇ ਨਵੇ ਗ੍ਰਹਿ ਦੀ ਖੁਸ਼ੀ ਅੰਦਰ ਕੀਰਤਨ ਦਰਬਾਰ ਕਰਾਇਆ ਗਿਆ। ਭਾਈ ਖੇੜਾ ਸਿੰਘ ਵਲੋਂ ਕੀਰਤਨ ਦੀ ਸੇਵਾ ਕੀਤੀ ਗਈ।

ਗੁਰੂ ਘਰ ਵਿਖੇ 18 ਜੁਲਾਈ (ਐਤਵਾਰ) ਨੂੰ ਕੀਰਤਨ ਦਰਬਾਰ ਸਜਾਏ ਗਏ। ਇਸ ਸਮੇ ਗਿਆਨੀ ਜੇ ਸਿੰਘ (ਮੁੱਖ ਗ੍ਰੰਥੀ) ਦੇ ਜਥੇ, ਭਾਈ ਦਰਸ਼ਨ ਸਿੰਘ ਕਮਲ, ਭਾਈ ਮਨਮੋਹਣ ਸਿੰਘ ਤੇ ਬੱਚਿਆਂ ਨੇ ਕੀਰਤਨ ਦੀ ਸੇਵਾ ਕੀਤੀ। ਅੰਤ ਵਿੱਚ ਗਿਆਨੀ ਜੇ ਸਿੰਘ ਵਲੋਂ ਆਨੰਦ ਸਾਹਿਬ ਦੇ ਪਾਠ ਦੀ ਸੇਵਾ ਕੀਤੀ। ਸ: ਰਾਜਿੰਦਰ ਸਿੰਘ ਵਲੋਂ ਸਟੇਜ ਸਕੱਤਰ ਦੀ ਸੇਵਾ ਕੀਤੀ ਗਈ। ਭਾਈ ਸਰਬਜੀਤ ਸਿੰਘ ਸੰਘਾ ਵਲੋਂ ਕਾਕਾ ਗੁਰਕਮਲਜੀਤ ਸਿੰਘ ਸੰਘਾ ਦੇ ਜਨਮ ਦਿਨ ਦੀ ਖੁਸ਼ੀ ਅੰਦਰ ਗੁਰੂ ਕੇ ਲੰਗਰ ਦੀ ਸੇਵਾ ਕਰਾਈ ਗਈ।

24 ਜੁਲਾਈ (ਸ਼ਨਿਚਰਵਾਰ) ਨੂੰ ਸ: ਅਜੀਤ ਸਿੰਘ ਵਲੋਂ ਪ੍ਰੀਵਾਰ ਦੀ ਚੜ੍ਹਦੀ ਕਲਾ ਲਈ ਸ੍ਰੀ ਅੱਖੰਡ ਪਾਠ ਸਾਹਿਬ ਦੇ ਸੇਵਾ ਕਰਾਈ ਗਈ। ਸ: ਖੁਸ਼ਵਿੰਦਰ ਸਿੰਘ ਚੋਹਤਾ ਸਪੁੱਤਰ ਕਾਕਾ ਸੋਮਣ ਸਿੰਘ ਚੋਹਤਾ ਦਾ ਸ਼ੁਭ ਅਨੰਦ ਕਾਰਜ ਹੋਵੇਗਾ।

25 ਜੁਲਾਈ (ਐਤਵਾਰ) ਨੂੰ ਗੁਰਦੁਆਰਾ ਸਾਹਿਬ ਵਿਖੇ ਕੀਰਤਨ ਦਰਬਾਰ ਸਜਾਏ ਜਾਣਗੇ। ਸ: ਰਾਜਿੰਦਰ ਸਿੰਘ ਮੰਘਰ (ਸਟੇਜ ਸਕੱਤਰ) ਸਪੁੱਤਰ ਸ: ਨਿਰਮਲ ਸਿੰਘ ਅਤੇ ਪ੍ਰੀਵਾਰ ਵਲੋਂ ਗੁਰੂ ਕੇ ਲੰਗਰ ਦੀ ਸੇਵਾ ਕਰਾਈ ਜਾਵੇਗੀ।

WESTCOTT
Phone: (415) 746-5882
